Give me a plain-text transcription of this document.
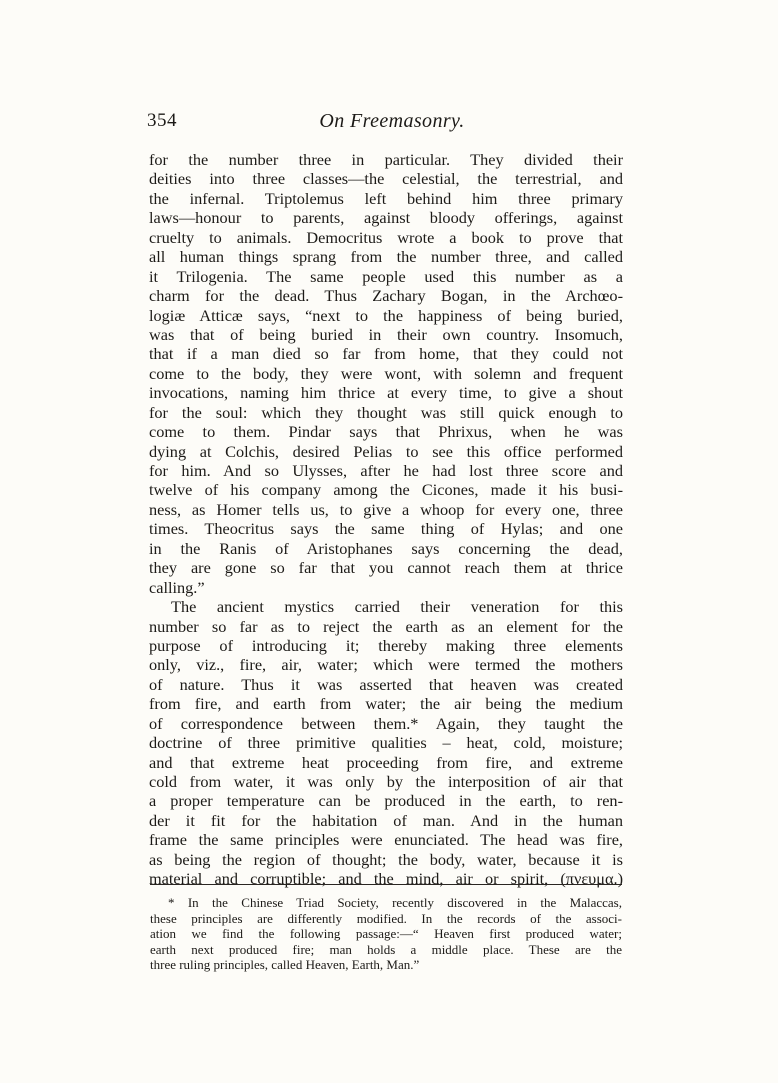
354	On Freemasonry.
for the number three in particular. They divided their
deities into three classes—the celestial, the terrestrial, and
the infernal. Triptolemus left behind him three primary
laws—honour to parents, against bloody offerings, against
cruelty to animals. Democritus wrote a book to prove that
all human things sprang from the number three, and called
it Trilogenia. The same people used this number as a
charm for the dead. Thus Zachary Bogan, in the Archœo-
logiæ Atticæ says, “next to the happiness of being buried,
was that of being buried in their own country. Insomuch,
that if a man died so far from home, that they could not
come to the body, they were wont, with solemn and frequent
invocations, naming him thrice at every time, to give a shout
for the soul: which they thought was still quick enough to
come to them. Pindar says that Phrixus, when he was
dying at Colchis, desired Pelias to see this office performed
for him. And so Ulysses, after he had lost three score and
twelve of his company among the Cicones, made it his busi-
ness, as Homer tells us, to give a whoop for every one, three
times. Theocritus says the same thing of Hylas; and one
in the Ranis of Aristophanes says concerning the dead,
they are gone so far that you cannot reach them at thrice
calling.”
The ancient mystics carried their veneration for this
number so far as to reject the earth as an element for the
purpose of introducing it; thereby making three elements
only, viz., fire, air, water; which were termed the mothers
of nature. Thus it was asserted that heaven was created
from fire, and earth from water; the air being the medium
of correspondence between them.* Again, they taught the
doctrine of three primitive qualities – heat, cold, moisture;
and that extreme heat proceeding from fire, and extreme
cold from water, it was only by the interposition of air that
a proper temperature can be produced in the earth, to ren-
der it fit for the habitation of man. And in the human
frame the same principles were enunciated. The head was fire,
as being the region of thought; the body, water, because it is
material and corruptible; and the mind, air or spirit, (πνευμα.)
* In the Chinese Triad Society, recently discovered in the Malaccas,
these principles are differently modified. In the records of the associ-
ation we find the following passage:—“ Heaven first produced water;
earth next produced fire; man holds a middle place. These are the
three ruling principles, called Heaven, Earth, Man.”
